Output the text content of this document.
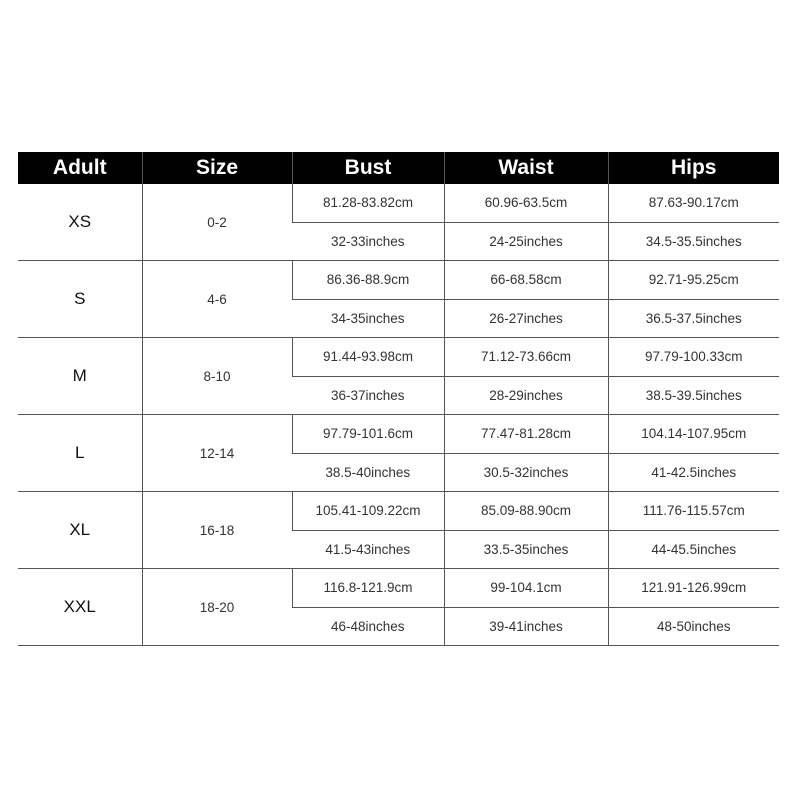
Adult	Size	Bust	Waist	Hips
XS	0-2	81.28-83.82cm	60.96-63.5cm	87.63-90.17cm
		32-33inches	24-25inches	34.5-35.5inches
S	4-6	86.36-88.9cm	66-68.58cm	92.71-95.25cm
		34-35inches	26-27inches	36.5-37.5inches
M	8-10	91.44-93.98cm	71.12-73.66cm	97.79-100.33cm
		36-37inches	28-29inches	38.5-39.5inches
L	12-14	97.79-101.6cm	77.47-81.28cm	104.14-107.95cm
		38.5-40inches	30.5-32inches	41-42.5inches
XL	16-18	105.41-109.22cm	85.09-88.90cm	111.76-115.57cm
		41.5-43inches	33.5-35inches	44-45.5inches
XXL	18-20	116.8-121.9cm	99-104.1cm	121.91-126.99cm
		46-48inches	39-41inches	48-50inches
